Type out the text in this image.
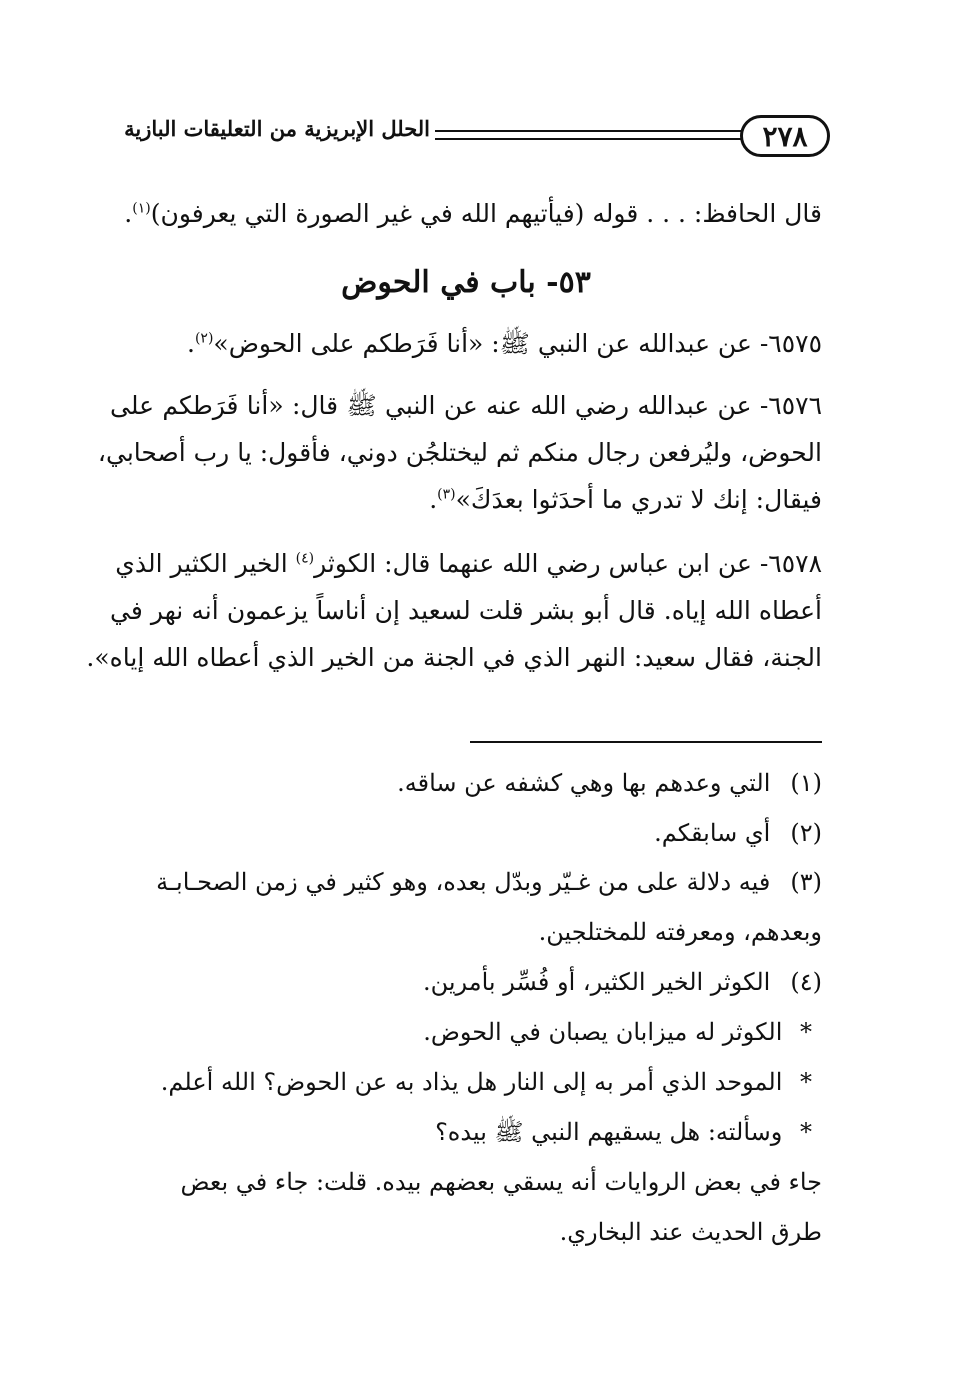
٢٧٨
الحلل الإبريزية من التعليقات البازية
قال الحافظ: . . . قوله (فيأتيهم الله في غير الصورة التي يعرفون)$^{(١)}$.
٥٣- باب في الحوض
٦٥٧٥- عن عبدالله عن النبي ﷺ: «أنا فَرَطكم على الحوض»$^{(٢)}$.
٦٥٧٦- عن عبدالله رضي الله عنه عن النبي ﷺ قال: «أنا فَرَطكم على
الحوض، وليُرفعن رجال منكم ثم ليختلجُن دوني، فأقول: يا رب أصحابي،
فيقال: إنك لا تدري ما أحدَثوا بعدَكَ»$^{(٣)}$.
٦٥٧٨- عن ابن عباس رضي الله عنهما قال: الكوثر$^{(٤)}$ الخير الكثير الذي
أعطاه الله إياه. قال أبو بشر قلت لسعيد إن أناساً يزعمون أنه نهر في
الجنة، فقال سعيد: النهر الذي في الجنة من الخير الذي أعطاه الله إياه».
(١) التي وعدهم بها وهي كشفه عن ساقه.
(٢) أي سابقكم.
(٣) فيه دلالة على من غـيّر وبدّل بعده، وهو كثير في زمن الصحـابـة
وبعدهم، ومعرفته للمختلجين.
(٤) الكوثر الخير الكثير، أو فُسِّر بأمرين.
* الكوثر له ميزابان يصبان في الحوض.
* الموحد الذي أمر به إلى النار هل يذاد به عن الحوض؟ الله أعلم.
* وسألته: هل يسقيهم النبي ﷺ بيده؟
جاء في بعض الروايات أنه يسقي بعضهم بيده. قلت: جاء في بعض
طرق الحديث عند البخاري.
